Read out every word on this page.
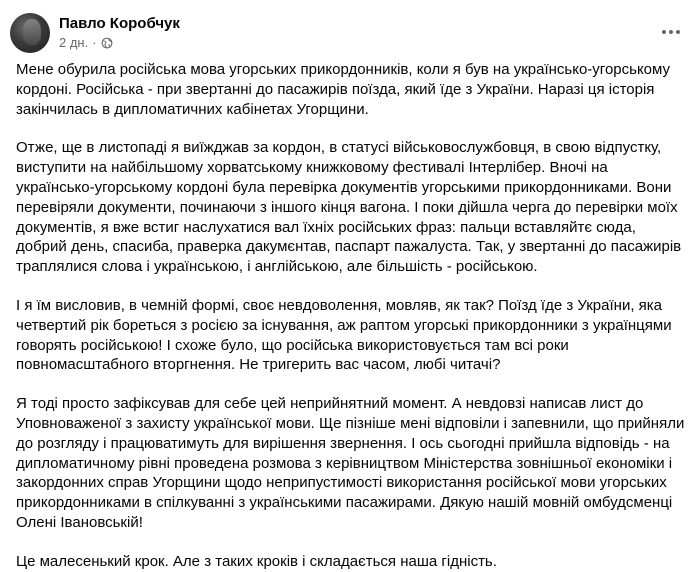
Павло Коробчук
2 дн. ·

Мене обурила російська мова угорських прикордонників, коли я був на українсько-угорському кордоні. Російська - при звертанні до пасажирів поїзда, який їде з України. Наразі ця історія закінчилась в дипломатичних кабінетах Угорщини.

Отже, ще в листопаді я виїжджав за кордон, в статусі військовослужбовця, в свою відпустку, виступити на найбільшому хорватському книжковому фестивалі Інтерлібер. Вночі на українсько-угорському кордоні була перевірка документів угорськими прикордонниками. Вони перевіряли документи, починаючи з іншого кінця вагона. І поки дійшла черга до перевірки моїх документів, я вже встиг наслухатися вал їхніх російських фраз: пальци вставляйтє сюда, добрий день, спасиба, праверка дакумєнтав, паспарт пажалуста. Так, у звертанні до пасажирів траплялися слова і українською, і англійською, але більшість - російською.

І я їм висловив, в чемній формі, своє невдоволення, мовляв, як так? Поїзд їде з України, яка четвертий рік бореться з росією за існування, аж раптом угорські прикордонники з українцями говорять російською! І схоже було, що російська використовується там всі роки повномасштабного вторгнення. Не тригерить вас часом, любі читачі?

Я тоді просто зафіксував для себе цей неприйнятний момент. А невдовзі написав лист до Уповноваженої з захисту української мови. Ще пізніше мені відповіли і запевнили, що прийняли до розгляду і працюватимуть для вирішення звернення. І ось сьогодні прийшла відповідь - на дипломатичному рівні проведена розмова з керівництвом Міністерства зовнішньої економіки і закордонних справ Угорщини щодо неприпустимості використання російської мови угорських прикордонниками в спілкуванні з українськими пасажирами. Дякую нашій мовній омбудсменці Олені Івановській!

Це малесенький крок. Але з таких кроків і складається наша гідність.
